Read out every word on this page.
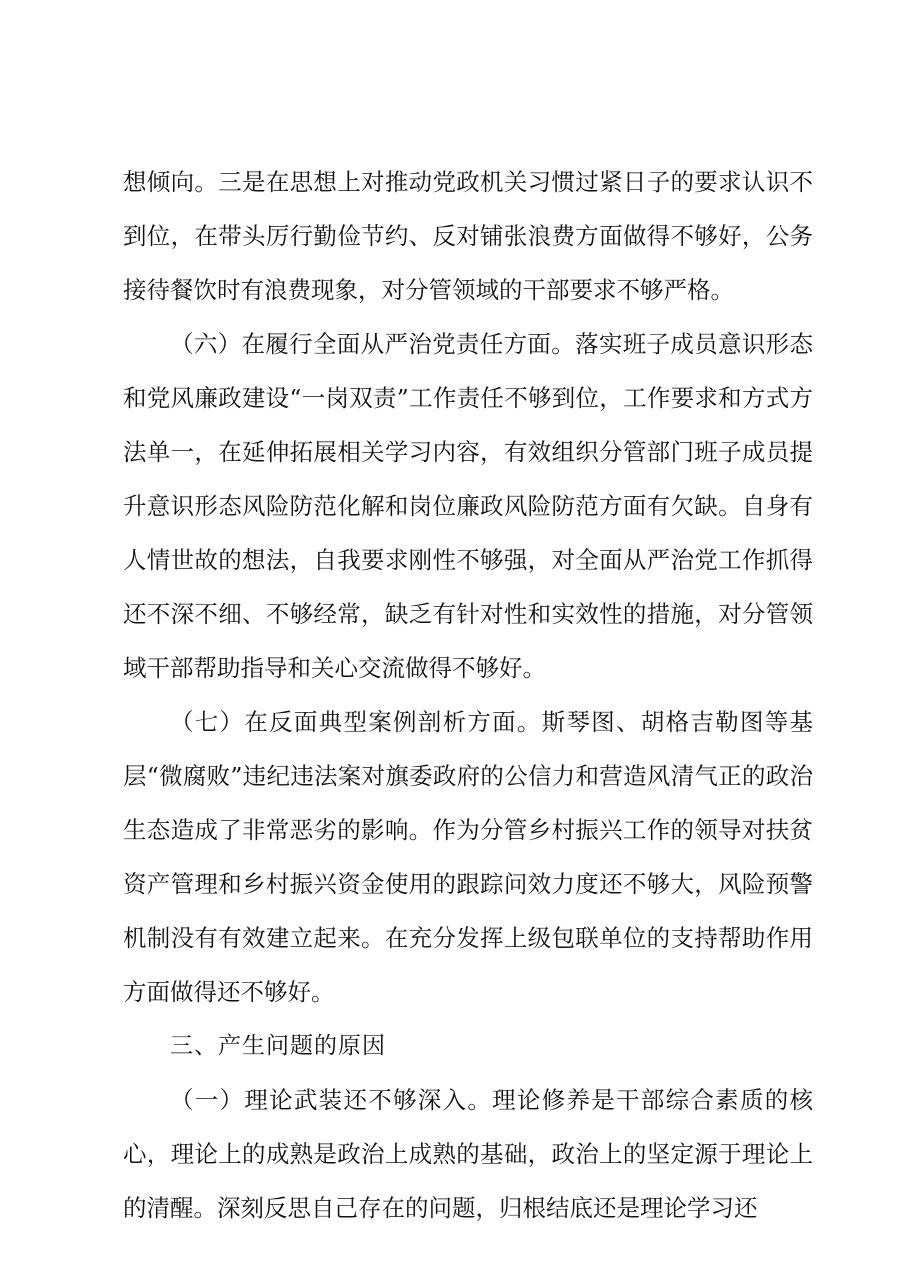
想倾向。三是在思想上对推动党政机关习惯过紧日子的要求认识不到位，在带头厉行勤俭节约、反对铺张浪费方面做得不够好，公务接待餐饮时有浪费现象，对分管领域的干部要求不够严格。

（六）在履行全面从严治党责任方面。落实班子成员意识形态和党风廉政建设“一岗双责”工作责任不够到位，工作要求和方式方法单一，在延伸拓展相关学习内容，有效组织分管部门班子成员提升意识形态风险防范化解和岗位廉政风险防范方面有欠缺。自身有人情世故的想法，自我要求刚性不够强，对全面从严治党工作抓得还不深不细、不够经常，缺乏有针对性和实效性的措施，对分管领域干部帮助指导和关心交流做得不够好。

（七）在反面典型案例剖析方面。斯琴图、胡格吉勒图等基层“微腐败”违纪违法案对旗委政府的公信力和营造风清气正的政治生态造成了非常恶劣的影响。作为分管乡村振兴工作的领导对扶贫资产管理和乡村振兴资金使用的跟踪问效力度还不够大，风险预警机制没有有效建立起来。在充分发挥上级包联单位的支持帮助作用方面做得还不够好。

三、产生问题的原因

（一）理论武装还不够深入。理论修养是干部综合素质的核心，理论上的成熟是政治上成熟的基础，政治上的坚定源于理论上的清醒。深刻反思自己存在的问题，归根结底还是理论学习还
